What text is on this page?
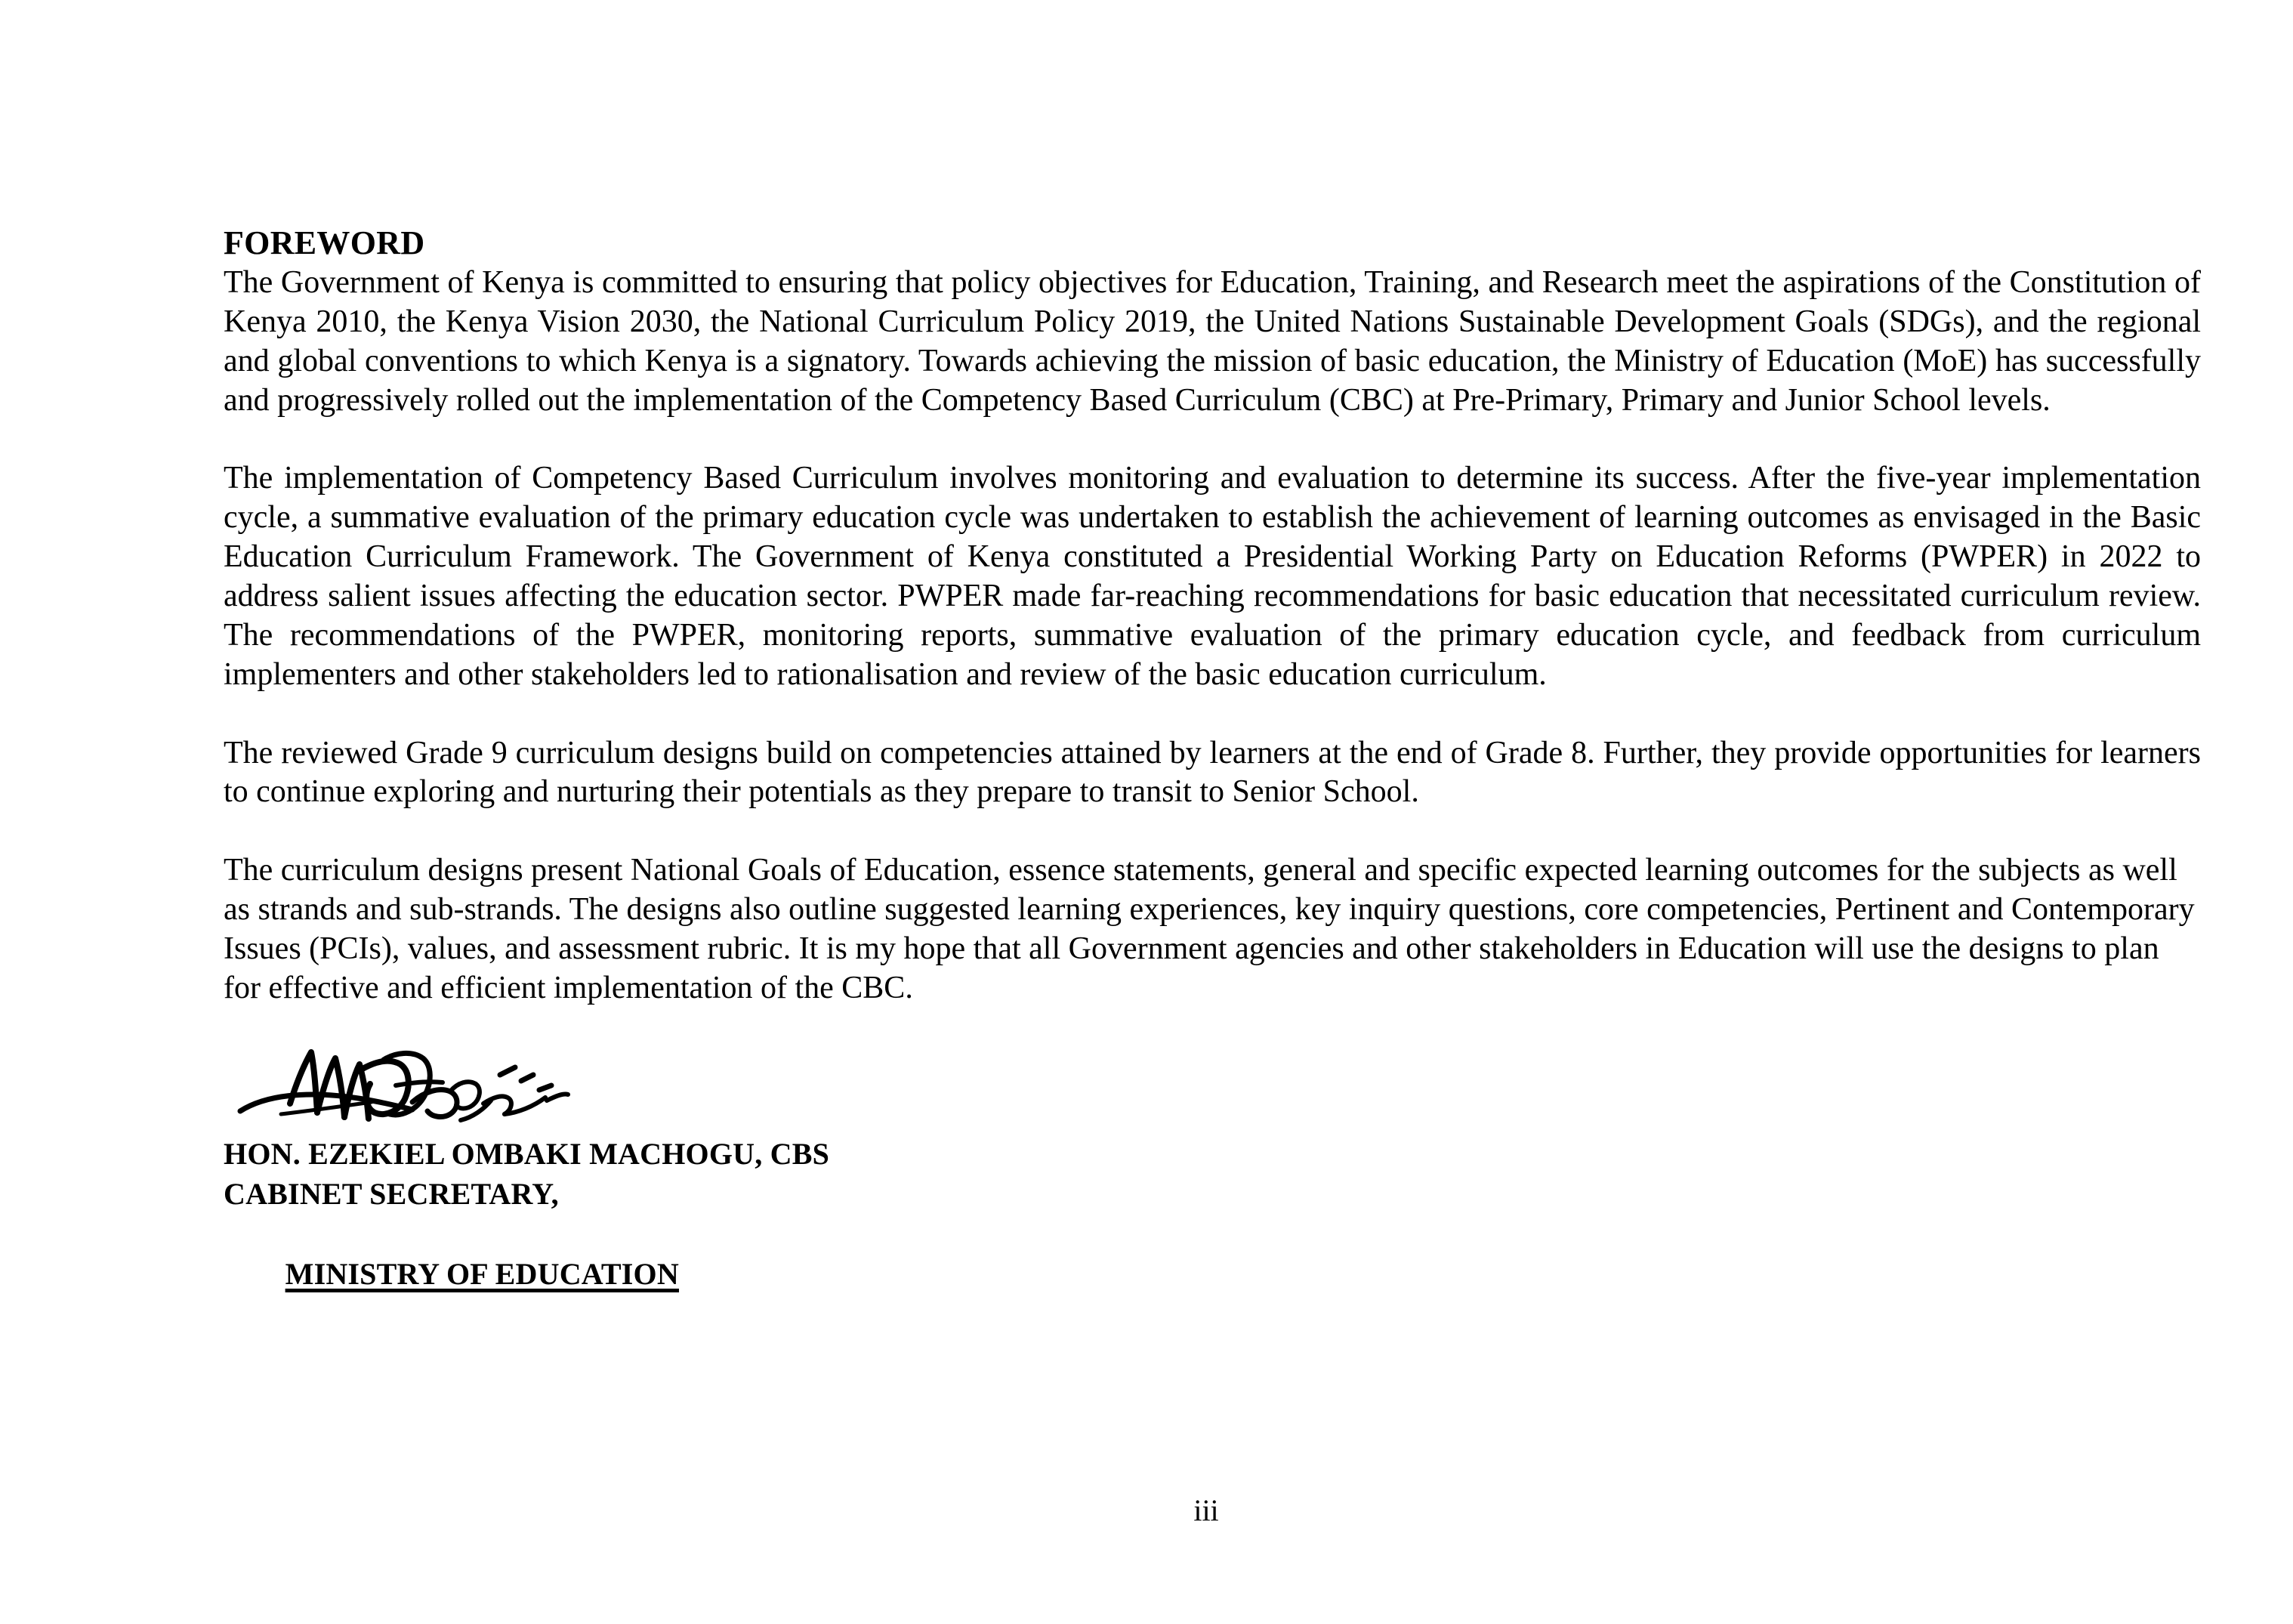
FOREWORD

The Government of Kenya is committed to ensuring that policy objectives for Education, Training, and Research meet the aspirations of the Constitution of Kenya 2010, the Kenya Vision 2030, the National Curriculum Policy 2019, the United Nations Sustainable Development Goals (SDGs), and the regional and global conventions to which Kenya is a signatory. Towards achieving the mission of basic education, the Ministry of Education (MoE) has successfully and progressively rolled out the implementation of the Competency Based Curriculum (CBC) at Pre-Primary, Primary and Junior School levels.

The implementation of Competency Based Curriculum involves monitoring and evaluation to determine its success. After the five-year implementation cycle, a summative evaluation of the primary education cycle was undertaken to establish the achievement of learning outcomes as envisaged in the Basic Education Curriculum Framework. The Government of Kenya constituted a Presidential Working Party on Education Reforms (PWPER) in 2022 to address salient issues affecting the education sector. PWPER made far-reaching recommendations for basic education that necessitated curriculum review. The recommendations of the PWPER, monitoring reports, summative evaluation of the primary education cycle, and feedback from curriculum implementers and other stakeholders led to rationalisation and review of the basic education curriculum.

The reviewed Grade 9 curriculum designs build on competencies attained by learners at the end of Grade 8. Further, they provide opportunities for learners to continue exploring and nurturing their potentials as they prepare to transit to Senior School.

The curriculum designs present National Goals of Education, essence statements, general and specific expected learning outcomes for the subjects as well as strands and sub-strands. The designs also outline suggested learning experiences, key inquiry questions, core competencies, Pertinent and Contemporary Issues (PCIs), values, and assessment rubric. It is my hope that all Government agencies and other stakeholders in Education will use the designs to plan for effective and efficient implementation of the CBC.

HON. EZEKIEL OMBAKI MACHOGU, CBS
CABINET SECRETARY,

MINISTRY OF EDUCATION

iii
